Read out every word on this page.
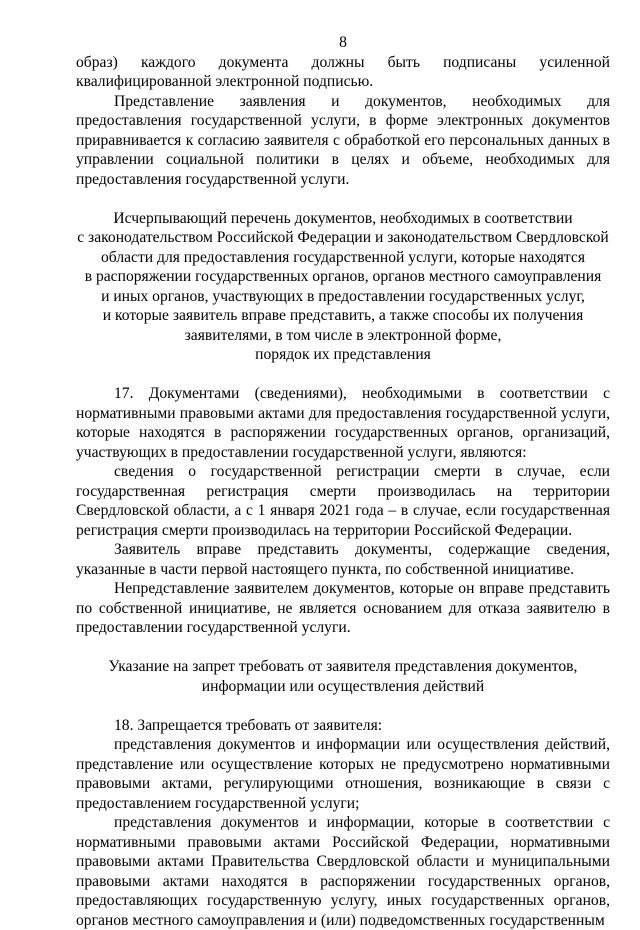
8

образ) каждого документа должны быть подписаны усиленной квалифицированной электронной подписью.

Представление заявления и документов, необходимых для предоставления государственной услуги, в форме электронных документов приравнивается к согласию заявителя с обработкой его персональных данных в управлении социальной политики в целях и объеме, необходимых для предоставления государственной услуги.

Исчерпывающий перечень документов, необходимых в соответствии

с законодательством Российской Федерации и законодательством Свердловской

области для предоставления государственной услуги, которые находятся

в распоряжении государственных органов, органов местного самоуправления

и иных органов, участвующих в предоставлении государственных услуг,

и которые заявитель вправе представить, а также способы их получения

заявителями, в том числе в электронной форме,

порядок их представления

17. Документами (сведениями), необходимыми в соответствии с нормативными правовыми актами для предоставления государственной услуги, которые находятся в распоряжении государственных органов, организаций, участвующих в предоставлении государственной услуги, являются:

сведения о государственной регистрации смерти в случае, если государственная регистрация смерти производилась на территории Свердловской области, а с 1 января 2021 года – в случае, если государственная регистрация смерти производилась на территории Российской Федерации.

Заявитель вправе представить документы, содержащие сведения, указанные в части первой настоящего пункта, по собственной инициативе.

Непредставление заявителем документов, которые он вправе представить по собственной инициативе, не является основанием для отказа заявителю в предоставлении государственной услуги.

Указание на запрет требовать от заявителя представления документов,

информации или осуществления действий

18. Запрещается требовать от заявителя:

представления документов и информации или осуществления действий, представление или осуществление которых не предусмотрено нормативными правовыми актами, регулирующими отношения, возникающие в связи с предоставлением государственной услуги;

представления документов и информации, которые в соответствии с нормативными правовыми актами Российской Федерации, нормативными правовыми актами Правительства Свердловской области и муниципальными правовыми актами находятся в распоряжении государственных органов, предоставляющих государственную услугу, иных государственных органов, органов местного самоуправления и (или) подведомственных государственным
